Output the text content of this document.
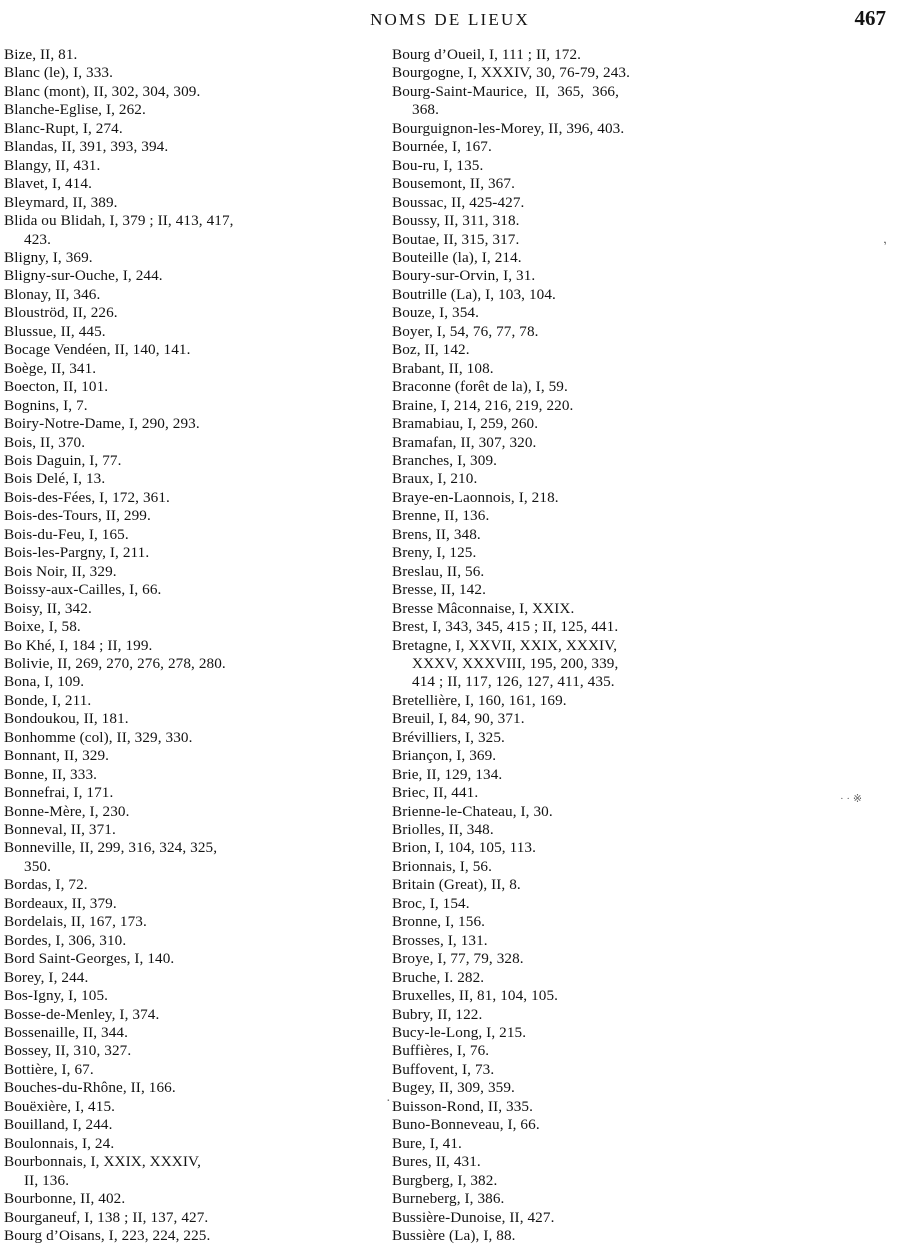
NOMS DE LIEUX	467
Bize, II, 81.
Blanc (le), I, 333.
Blanc (mont), II, 302, 304, 309.
Blanche-Eglise, I, 262.
Blanc-Rupt, I, 274.
Blandas, II, 391, 393, 394.
Blangy, II, 431.
Blavet, I, 414.
Bleymard, II, 389.
Blida ou Blidah, I, 379 ; II, 413, 417,
423.
Bligny, I, 369.
Bligny-sur-Ouche, I, 244.
Blonay, II, 346.
Blouströd, II, 226.
Blussue, II, 445.
Bocage Vendéen, II, 140, 141.
Boège, II, 341.
Boecton, II, 101.
Bognins, I, 7.
Boiry-Notre-Dame, I, 290, 293.
Bois, II, 370.
Bois Daguin, I, 77.
Bois Delé, I, 13.
Bois-des-Fées, I, 172, 361.
Bois-des-Tours, II, 299.
Bois-du-Feu, I, 165.
Bois-les-Pargny, I, 211.
Bois Noir, II, 329.
Boissy-aux-Cailles, I, 66.
Boisy, II, 342.
Boixe, I, 58.
Bo Khé, I, 184 ; II, 199.
Bolivie, II, 269, 270, 276, 278, 280.
Bona, I, 109.
Bonde, I, 211.
Bondoukou, II, 181.
Bonhomme (col), II, 329, 330.
Bonnant, II, 329.
Bonne, II, 333.
Bonnefrai, I, 171.
Bonne-Mère, I, 230.
Bonneval, II, 371.
Bonneville, II, 299, 316, 324, 325,
350.
Bordas, I, 72.
Bordeaux, II, 379.
Bordelais, II, 167, 173.
Bordes, I, 306, 310.
Bord Saint-Georges, I, 140.
Borey, I, 244.
Bos-Igny, I, 105.
Bosse-de-Menley, I, 374.
Bossenaille, II, 344.
Bossey, II, 310, 327.
Bottière, I, 67.
Bouches-du-Rhône, II, 166.
Bouëxière, I, 415.
Bouilland, I, 244.
Boulonnais, I, 24.
Bourbonnais, I, XXIX, XXXIV,
II, 136.
Bourbonne, II, 402.
Bourganeuf, I, 138 ; II, 137, 427.
Bourg d’Oisans, I, 223, 224, 225.
Bourg d’Oueil, I, 111 ; II, 172.
Bourgogne, I, XXXIV, 30, 76-79, 243.
Bourg-Saint-Maurice,  II,  365,  366,
368.
Bourguignon-les-Morey, II, 396, 403.
Bournée, I, 167.
Bou-ru, I, 135.
Bousemont, II, 367.
Boussac, II, 425-427.
Boussy, II, 311, 318.
Boutae, II, 315, 317.
Bouteille (la), I, 214.
Boury-sur-Orvin, I, 31.
Boutrille (La), I, 103, 104.
Bouze, I, 354.
Boyer, I, 54, 76, 77, 78.
Boz, II, 142.
Brabant, II, 108.
Braconne (forêt de la), I, 59.
Braine, I, 214, 216, 219, 220.
Bramabiau, I, 259, 260.
Bramafan, II, 307, 320.
Branches, I, 309.
Braux, I, 210.
Braye-en-Laonnois, I, 218.
Brenne, II, 136.
Brens, II, 348.
Breny, I, 125.
Breslau, II, 56.
Bresse, II, 142.
Bresse Mâconnaise, I, XXIX.
Brest, I, 343, 345, 415 ; II, 125, 441.
Bretagne, I, XXVII, XXIX, XXXIV,
XXXV, XXXVIII, 195, 200, 339,
414 ; II, 117, 126, 127, 411, 435.
Bretellière, I, 160, 161, 169.
Breuil, I, 84, 90, 371.
Brévilliers, I, 325.
Briançon, I, 369.
Brie, II, 129, 134.
Briec, II, 441.
Brienne-le-Chateau, I, 30.
Briolles, II, 348.
Brion, I, 104, 105, 113.
Brionnais, I, 56.
Britain (Great), II, 8.
Broc, I, 154.
Bronne, I, 156.
Brosses, I, 131.
Broye, I, 77, 79, 328.
Bruche, I. 282.
Bruxelles, II, 81, 104, 105.
Bubry, II, 122.
Bucy-le-Long, I, 215.
Buffières, I, 76.
Buffovent, I, 73.
Bugey, II, 309, 359.
Buisson-Rond, II, 335.
Buno-Bonneveau, I, 66.
Bure, I, 41.
Bures, II, 431.
Burgberg, I, 382.
Burneberg, I, 386.
Bussière-Dunoise, II, 427.
Bussière (La), I, 88.
’
· · ※
·
